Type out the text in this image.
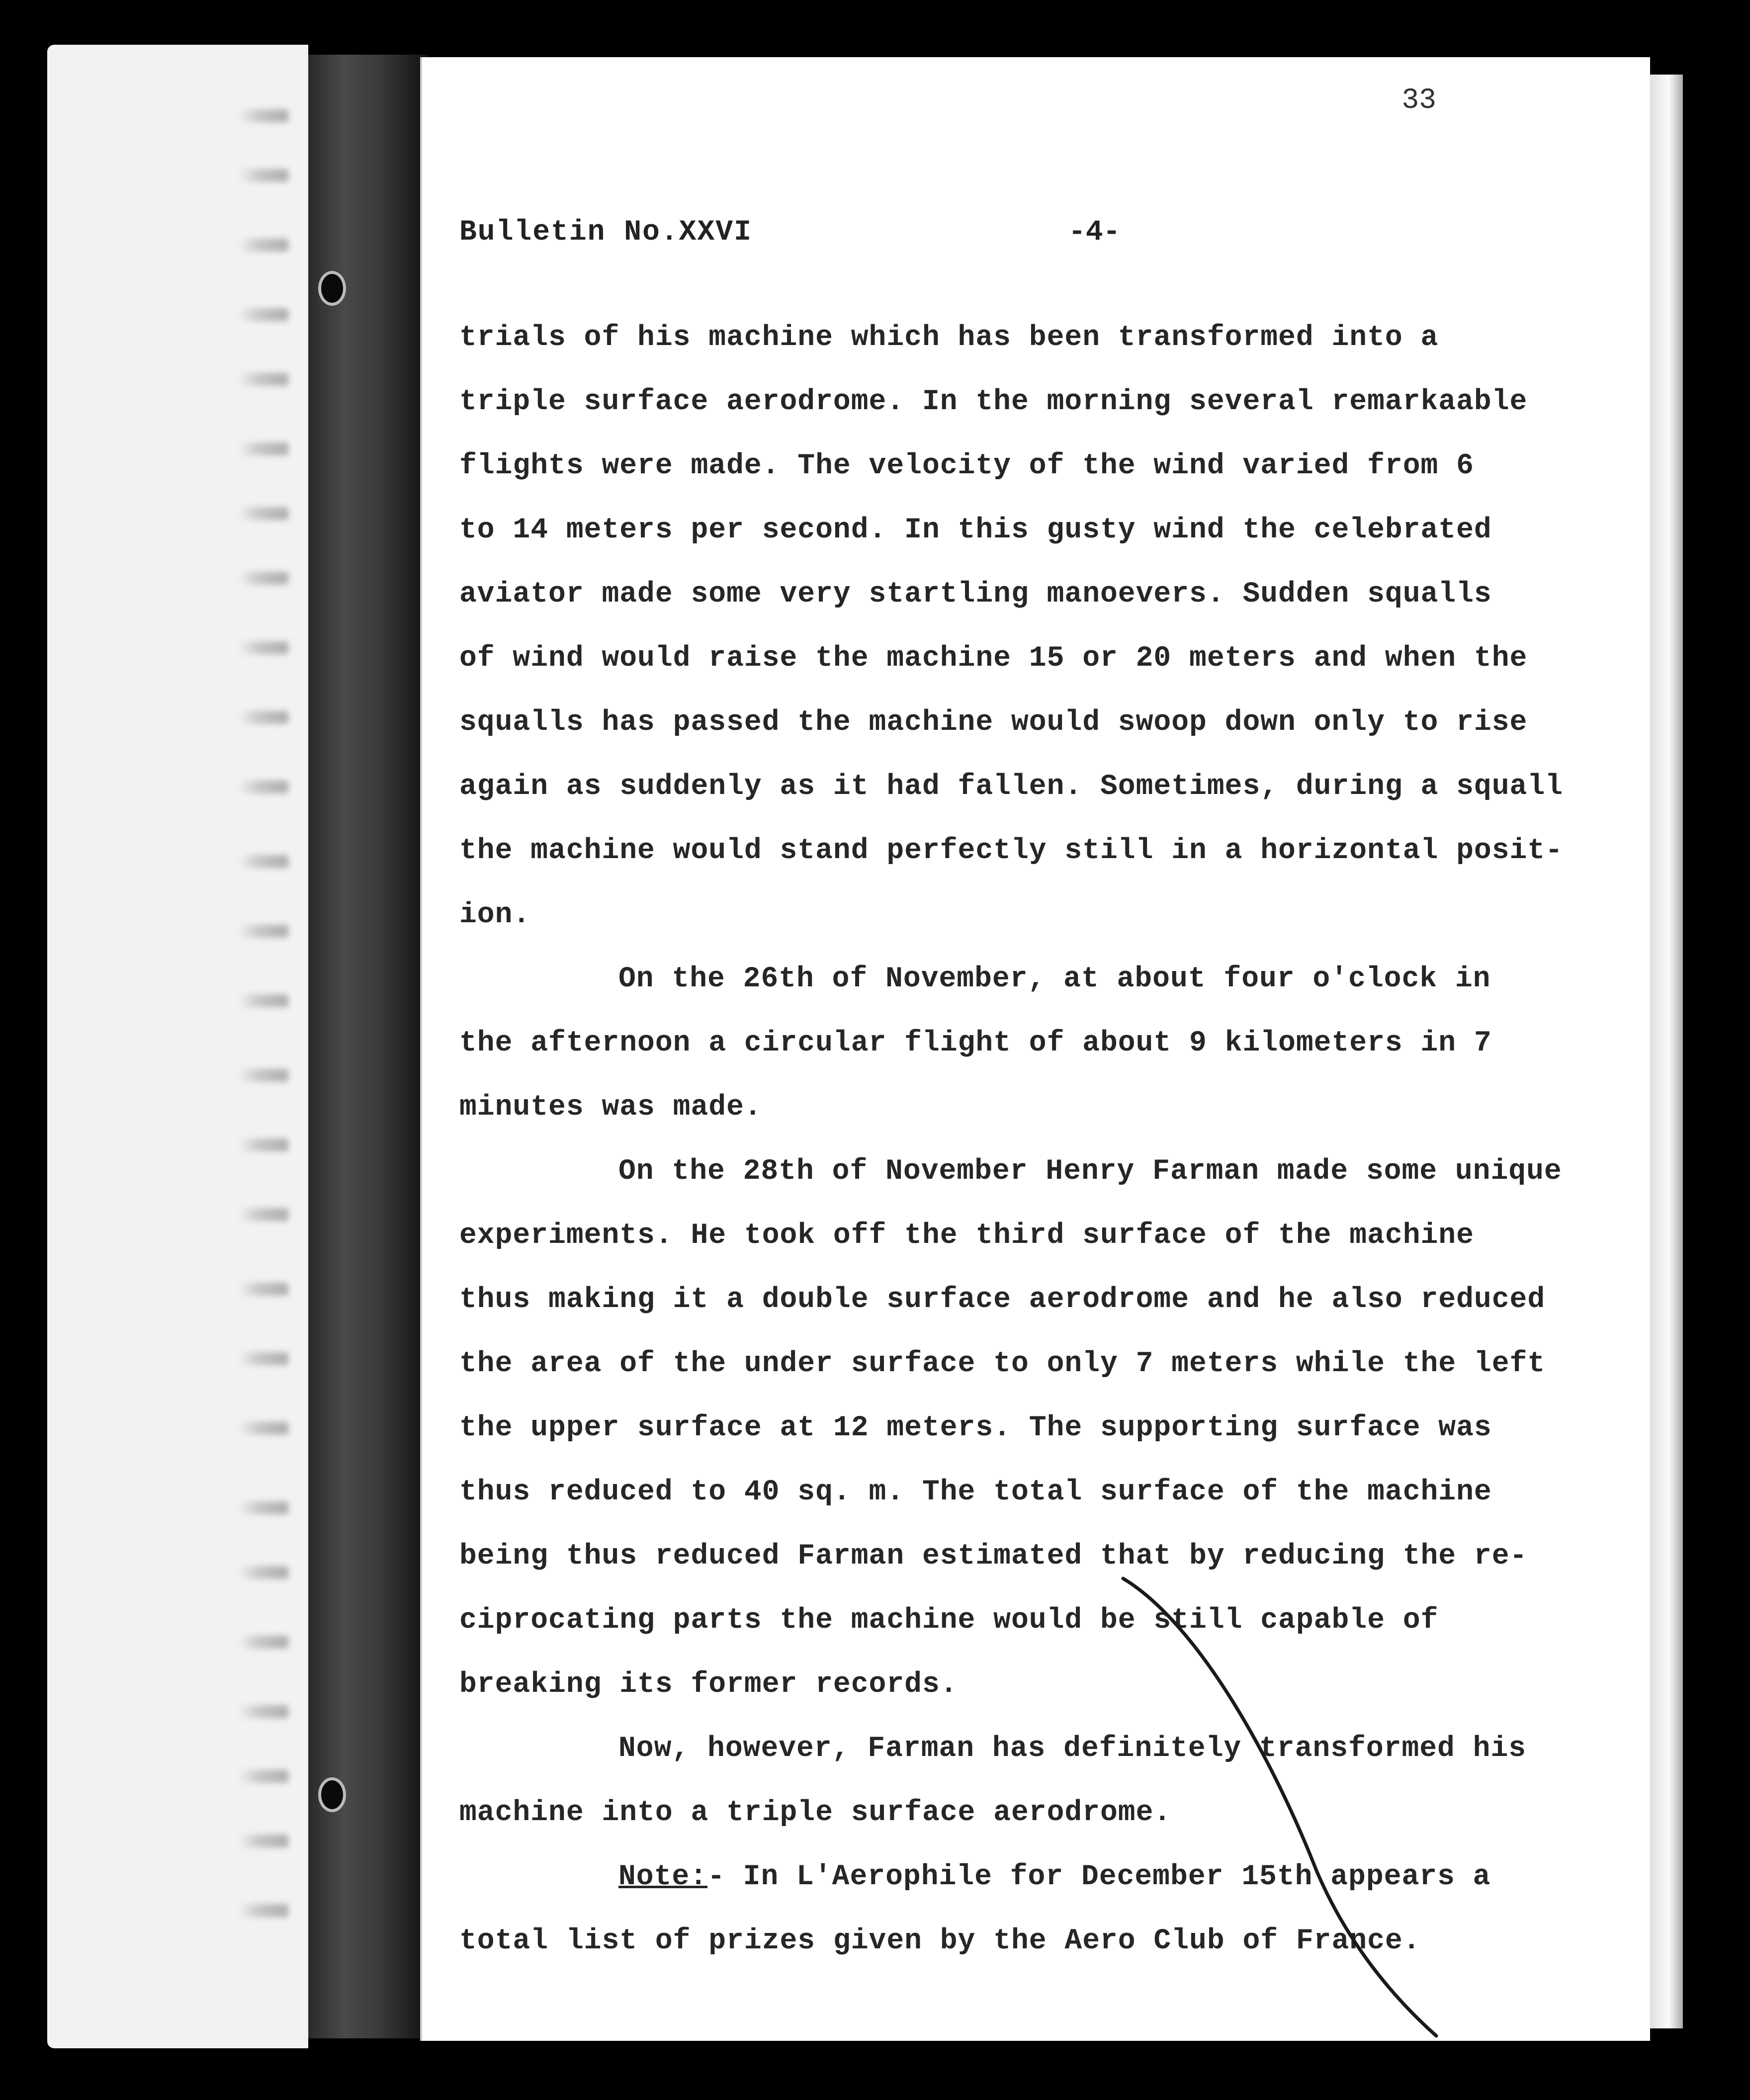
33
Bulletin No.XXVI	-4-
trials of his machine which has been transformed into a
triple surface aerodrome. In the morning several remarkaable
flights were made. The velocity of the wind varied from 6
to 14 meters per second. In this gusty wind the celebrated
aviator made some very startling manoevers. Sudden squalls
of wind would raise the machine 15 or 20 meters and when the
squalls has passed the machine would swoop down only to rise
again as suddenly as it had fallen. Sometimes, during a squall
the machine would stand perfectly still in a horizontal posit-
ion.
On the 26th of November, at about four o'clock in
the afternoon a circular flight of about 9 kilometers in 7
minutes was made.
On the 28th of November Henry Farman made some unique
experiments. He took off the third surface of the machine
thus making it a double surface aerodrome and he also reduced
the area of the under surface to only 7 meters while the left
the upper surface at 12 meters. The supporting surface was
thus reduced to 40 sq. m. The total surface of the machine
being thus reduced Farman estimated that by reducing the re-
ciprocating parts the machine would be still capable of
breaking its former records.
Now, however, Farman has definitely transformed his
machine into a triple surface aerodrome.
Note:- In L'Aerophile for December 15th appears a
total list of prizes given by the Aero Club of France.
